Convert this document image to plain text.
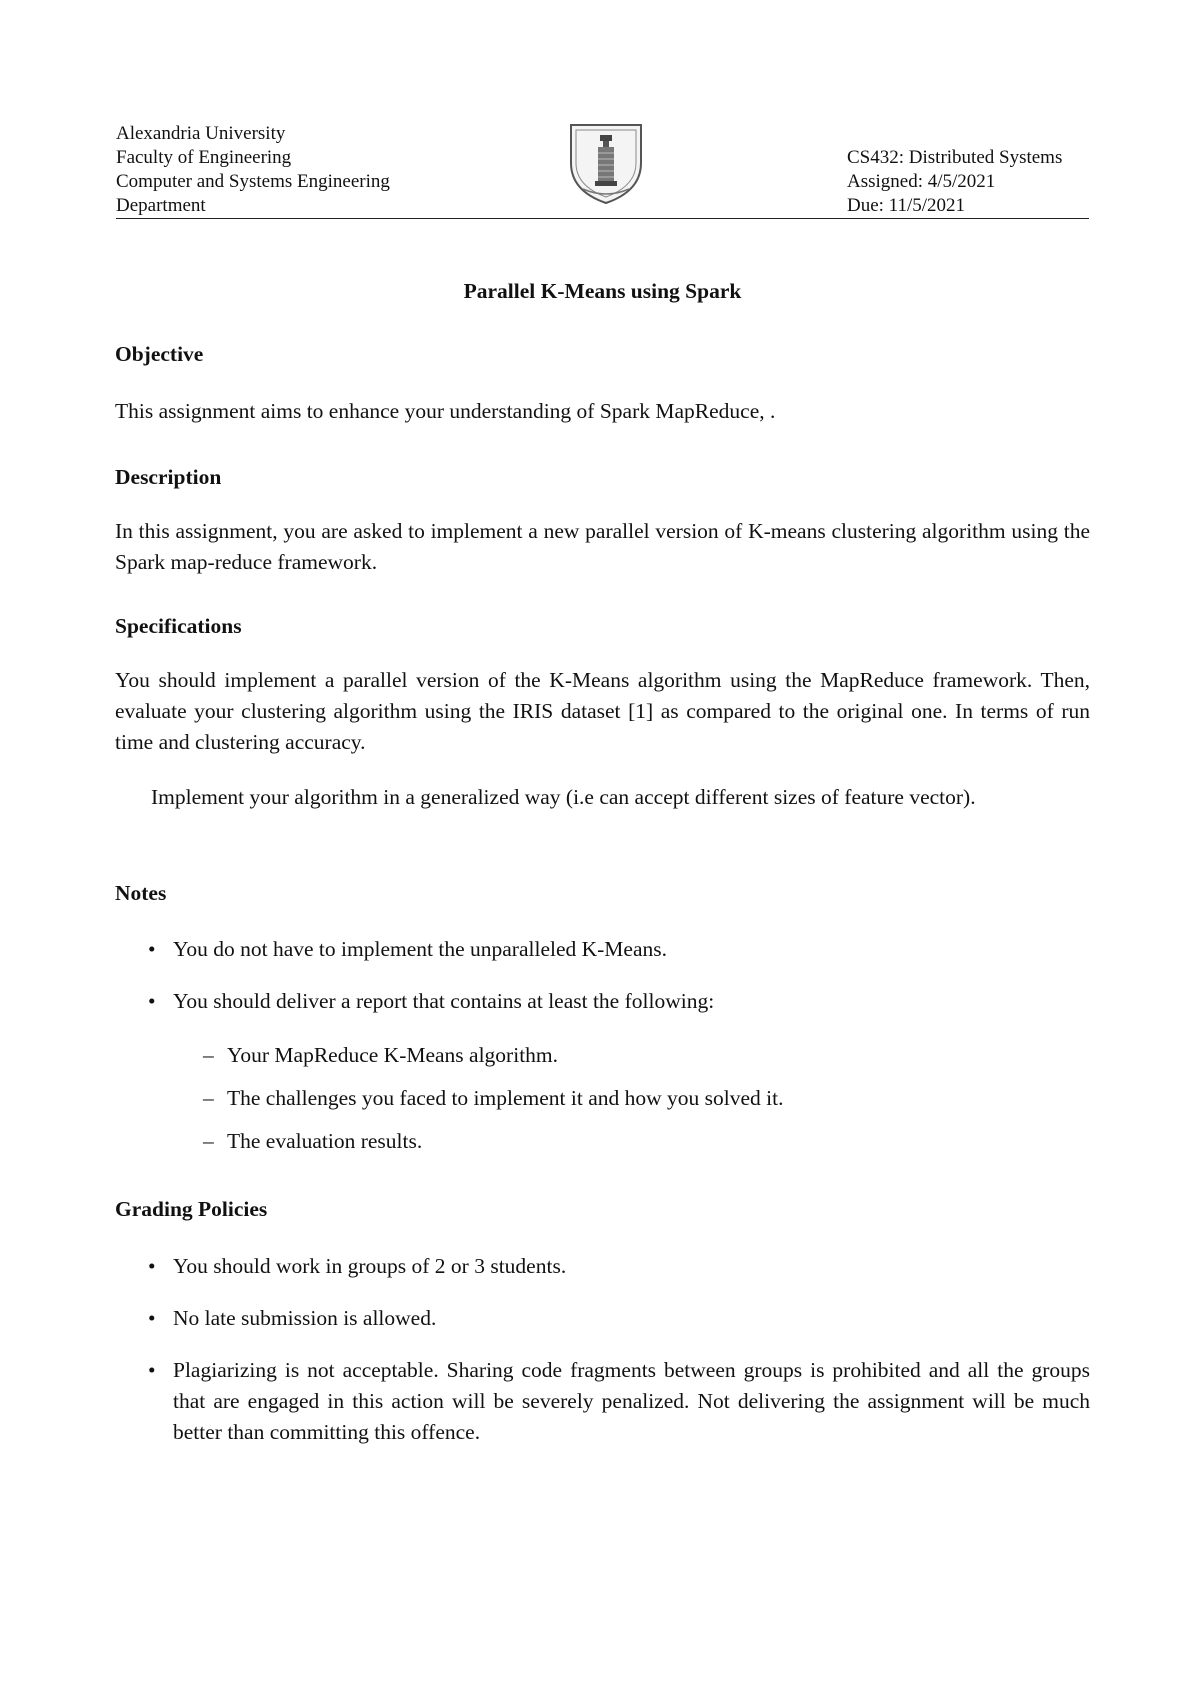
Alexandria University
Faculty of Engineering
Computer and Systems Engineering
Department
CS432: Distributed Systems
Assigned: 4/5/2021
Due: 11/5/2021
Parallel K-Means using Spark
Objective
This assignment aims to enhance your understanding of Spark MapReduce, .
Description
In this assignment, you are asked to implement a new parallel version of K-means clustering algorithm using the Spark map-reduce framework.
Specifications
You should implement a parallel version of the K-Means algorithm using the MapReduce framework. Then, evaluate your clustering algorithm using the IRIS dataset [1] as compared to the original one. In terms of run time and clustering accuracy.
Implement your algorithm in a generalized way (i.e can accept different sizes of feature vector).
Notes
• You do not have to implement the unparalleled K-Means.
• You should deliver a report that contains at least the following:
– Your MapReduce K-Means algorithm.
– The challenges you faced to implement it and how you solved it.
– The evaluation results.
Grading Policies
• You should work in groups of 2 or 3 students.
• No late submission is allowed.
• Plagiarizing is not acceptable. Sharing code fragments between groups is prohibited and all the groups that are engaged in this action will be severely penalized. Not delivering the assignment will be much better than committing this offence.
